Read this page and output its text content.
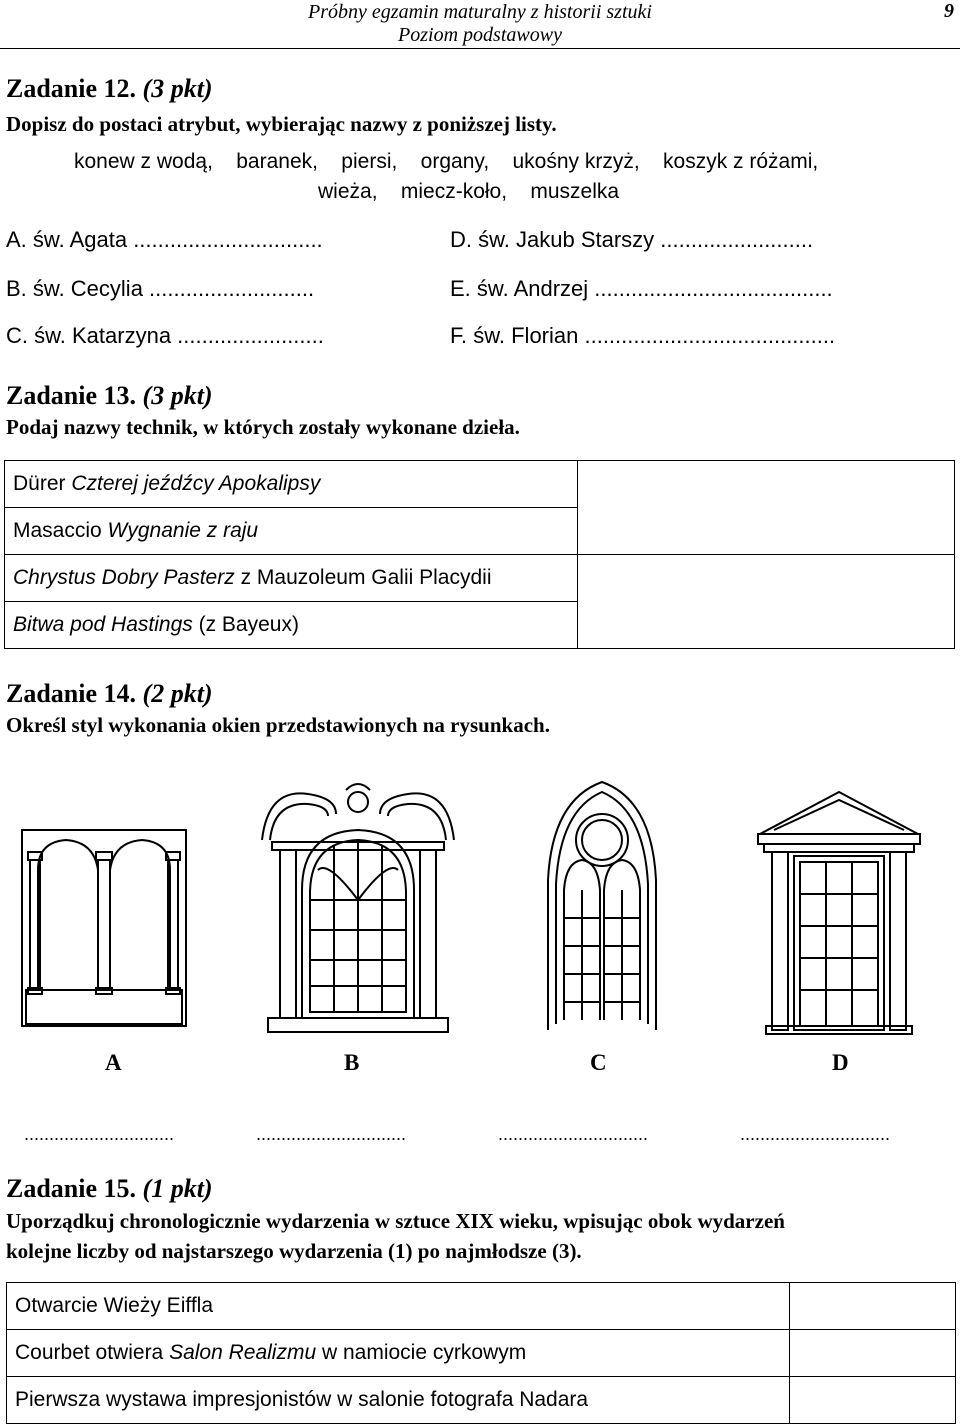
Próbny egzamin maturalny z historii sztuki
Poziom podstawowy
9
Zadanie 12. (3 pkt)
Dopisz do postaci atrybut, wybierając nazwy z poniższej listy.
konew z wodą,    baranek,    piersi,    organy,    ukośny krzyż,    koszyk z różami,
wieża,    miecz-koło,    muszelka
A. św. Agata ...............................
B. św. Cecylia ...........................
C. św. Katarzyna ........................
D. św. Jakub Starszy .........................
E. św. Andrzej .......................................
F. św. Florian .........................................
Zadanie 13. (3 pkt)
Podaj nazwy technik, w których zostały wykonane dzieła.
Dürer Czterej jeźdźcy Apokalipsy	
Masaccio Wygnanie z raju	
Chrystus Dobry Pasterz z Mauzoleum Galii Placydii	
Bitwa pod Hastings (z Bayeux)	
Zadanie 14. (2 pkt)
Określ styl wykonania okien przedstawionych na rysunkach.
A	B	C	D
..............................	..............................	..............................	..............................
Zadanie 15. (1 pkt)
Uporządkuj chronologicznie wydarzenia w sztuce XIX wieku, wpisując obok wydarzeń
kolejne liczby od najstarszego wydarzenia (1) po najmłodsze (3).
Otwarcie Wieży Eiffla	
Courbet otwiera Salon Realizmu w namiocie cyrkowym	
Pierwsza wystawa impresjonistów w salonie fotografa Nadara	
